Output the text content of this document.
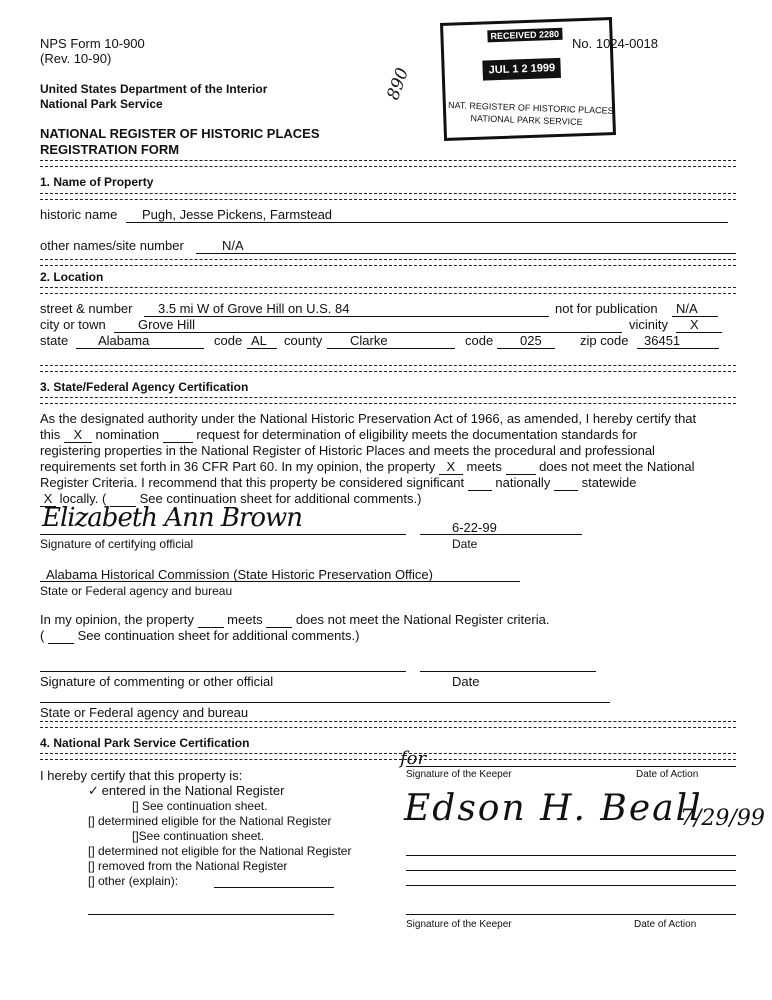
NPS Form 10-900
(Rev. 10-90)
United States Department of the Interior
National Park Service
NATIONAL REGISTER OF HISTORIC PLACES
REGISTRATION FORM
No. 1024-0018
890
RECEIVED 2280
JUL 1 2 1999
NAT. REGISTER OF HISTORIC PLACES
NATIONAL PARK SERVICE
1. Name of Property
historic name Pugh, Jesse Pickens, Farmstead
other names/site number	N/A
2. Location
street & number 3.5 mi W of Grove Hill on U.S. 84	not for publication N/A
city or town Grove Hill	vicinity X
state Alabama	code AL county Clarke	code 025	zip code 36451
3. State/Federal Agency Certification
As the designated authority under the National Historic Preservation Act of 1966, as amended, I hereby certify that
this X nomination	request for determination of eligibility meets the documentation standards for
registering properties in the National Register of Historic Places and meets the procedural and professional
requirements set forth in 36 CFR Part 60. In my opinion, the property X meets	does not meet the National
Register Criteria. I recommend that this property be considered significant nationally statewide
X locally. (	See continuation sheet for additional comments.)
Elizabeth Ann Brown
Signature of certifying official
6-22-99
Date
Alabama Historical Commission (State Historic Preservation Office)
State or Federal agency and bureau
In my opinion, the property	meets	does not meet the National Register criteria.
(	See continuation sheet for additional comments.)
Signature of commenting or other official	Date
State or Federal agency and bureau
4. National Park Service Certification
I hereby certify that this property is:
✓ entered in the National Register
[] See continuation sheet.
[] determined eligible for the National Register
[]See continuation sheet.
[] determined not eligible for the National Register
[] removed from the National Register
[] other (explain):
for
Signature of the Keeper	Date of Action
Edson H. Beall
7/29/99
Signature of the Keeper	Date of Action
